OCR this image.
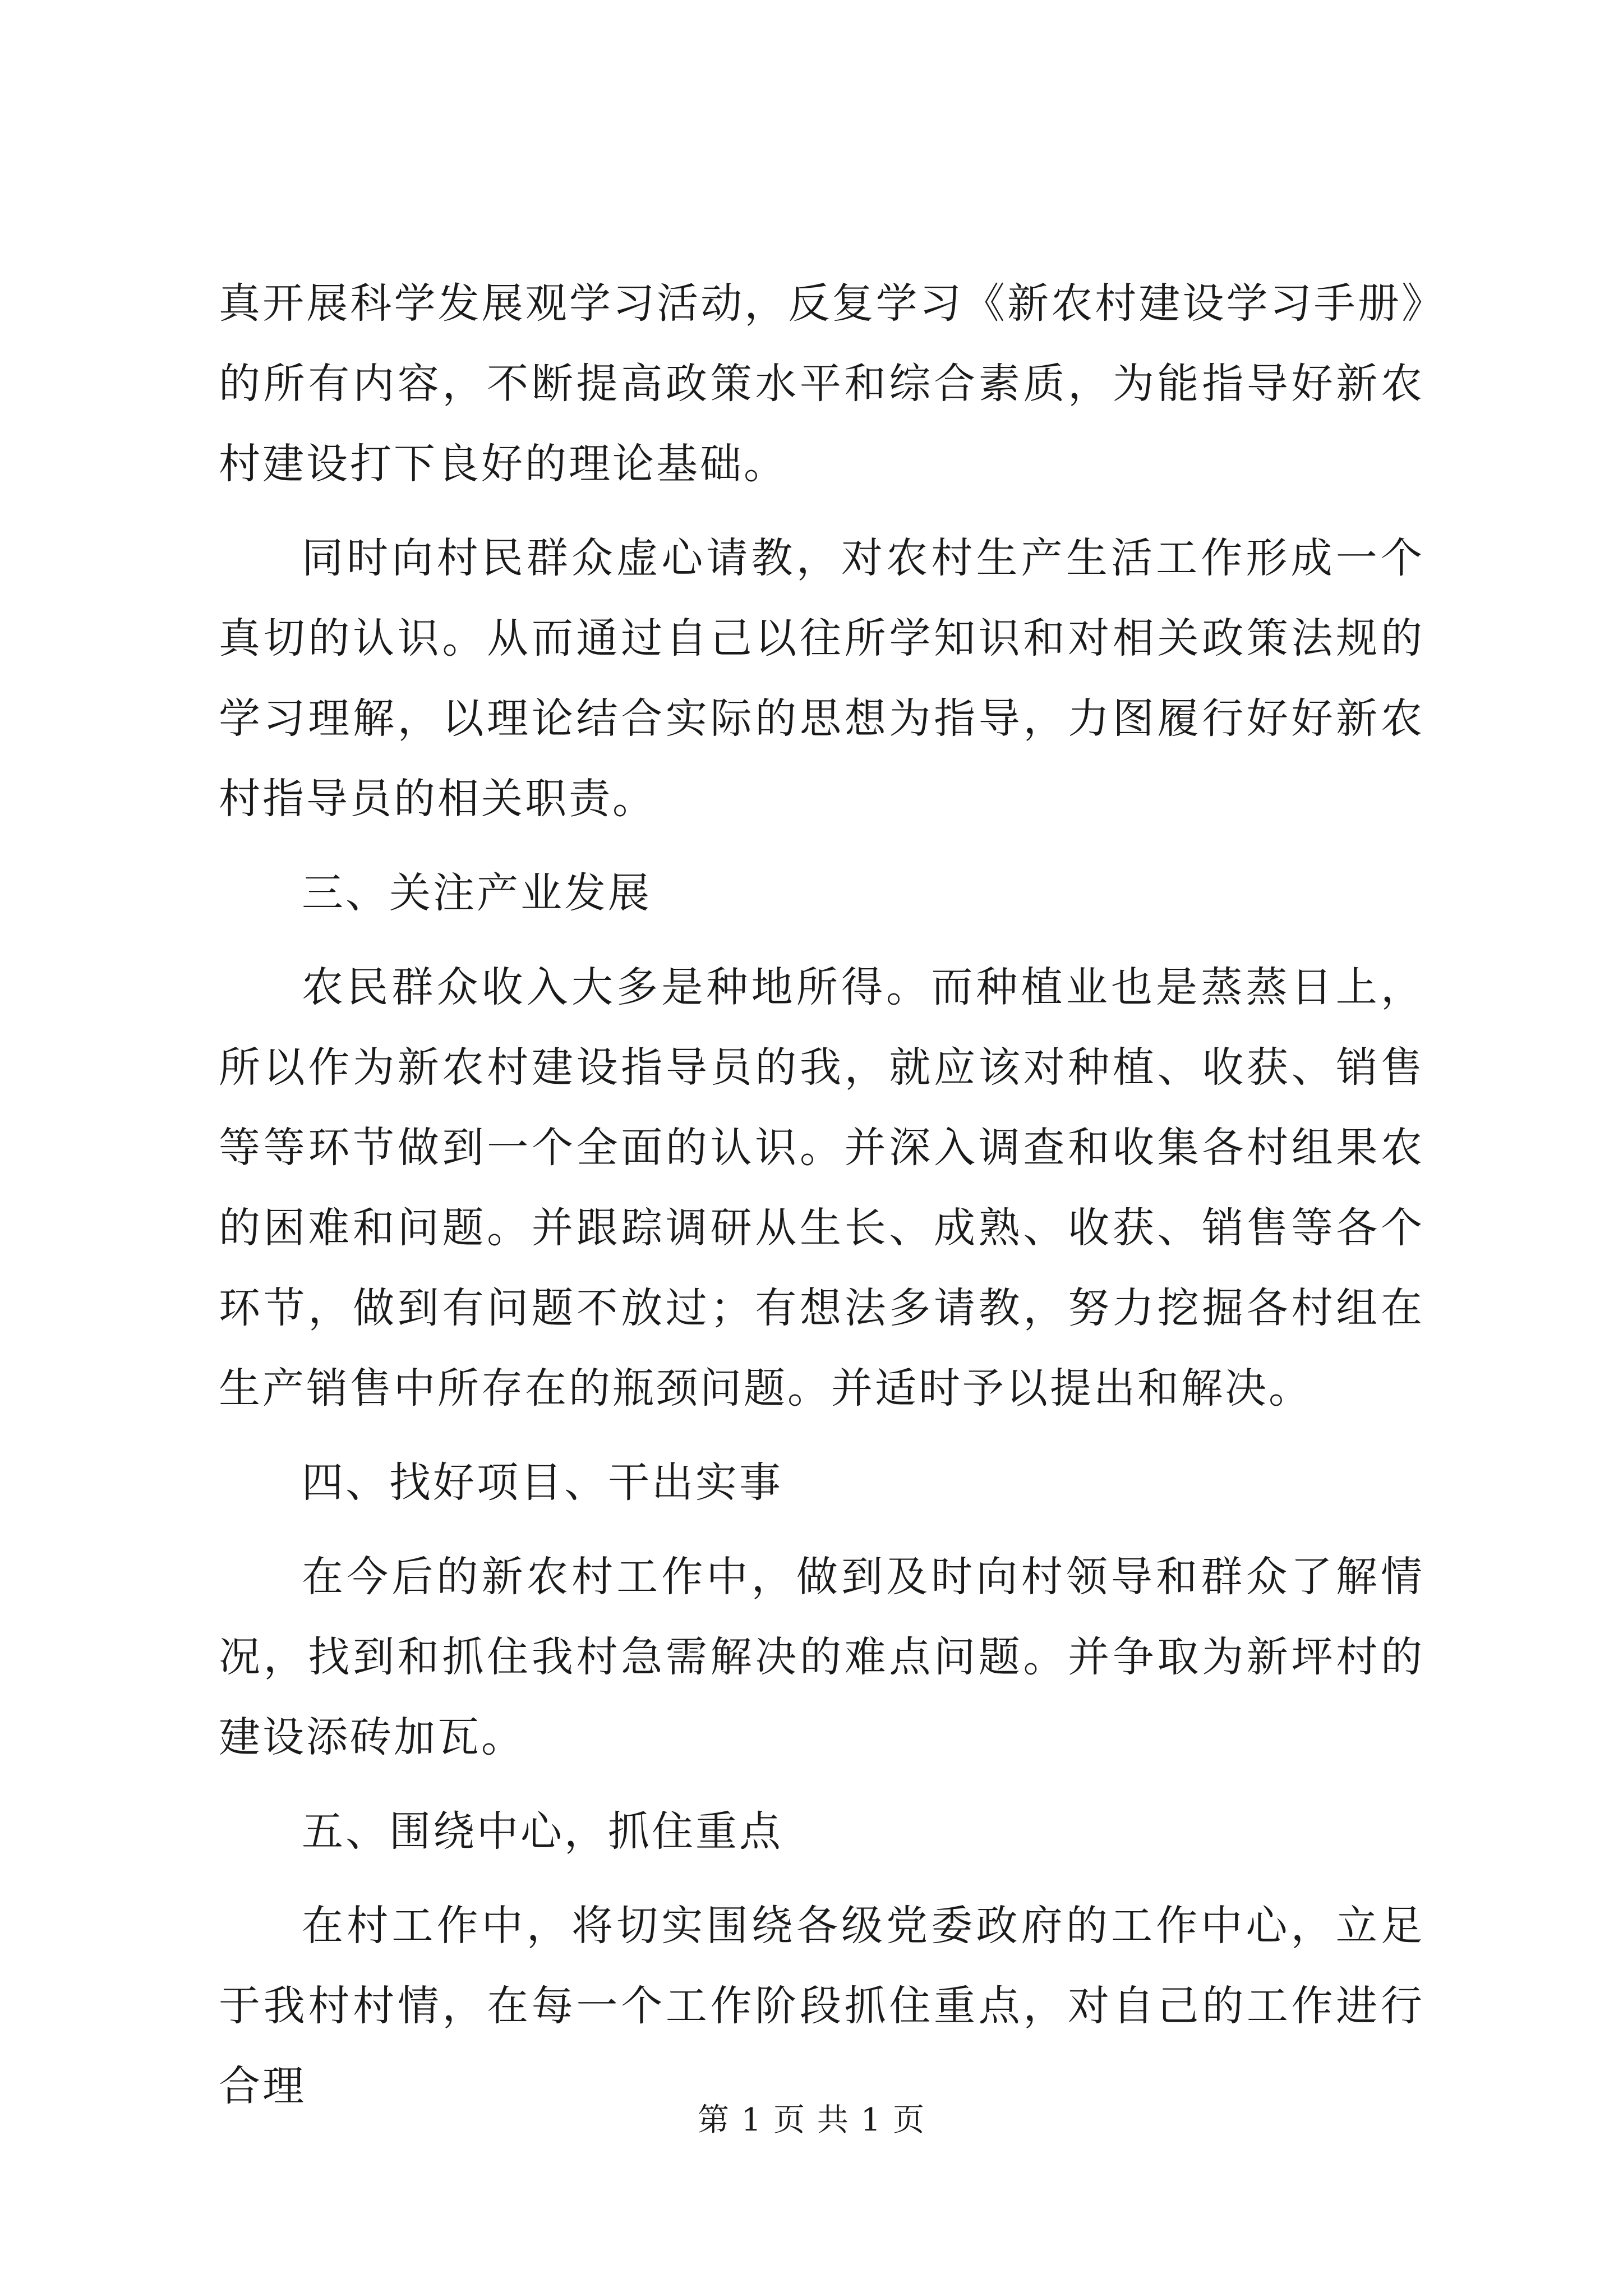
真开展科学发展观学习活动，反复学习《新农村建设学习手册》的所有内容，不断提高政策水平和综合素质，为能指导好新农村建设打下良好的理论基础。

同时向村民群众虚心请教，对农村生产生活工作形成一个真切的认识。从而通过自己以往所学知识和对相关政策法规的学习理解，以理论结合实际的思想为指导，力图履行好好新农村指导员的相关职责。

三、关注产业发展

农民群众收入大多是种地所得。而种植业也是蒸蒸日上，所以作为新农村建设指导员的我，就应该对种植、收获、销售等等环节做到一个全面的认识。并深入调查和收集各村组果农的困难和问题。并跟踪调研从生长、成熟、收获、销售等各个环节，做到有问题不放过；有想法多请教，努力挖掘各村组在生产销售中所存在的瓶颈问题。并适时予以提出和解决。

四、找好项目、干出实事

在今后的新农村工作中，做到及时向村领导和群众了解情况，找到和抓住我村急需解决的难点问题。并争取为新坪村的建设添砖加瓦。

五、围绕中心，抓住重点

在村工作中，将切实围绕各级党委政府的工作中心，立足于我村村情，在每一个工作阶段抓住重点，对自己的工作进行合理

第 1 页 共 1 页
